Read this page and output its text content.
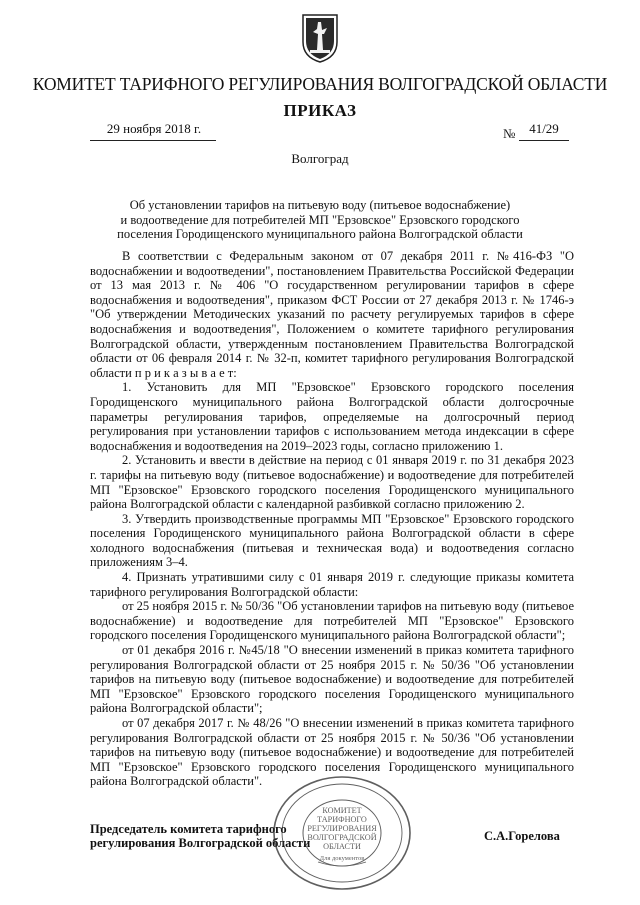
КОМИТЕТ ТАРИФНОГО РЕГУЛИРОВАНИЯ ВОЛГОГРАДСКОЙ ОБЛАСТИ
ПРИКАЗ
29 ноября 2018 г.	№	41/29
Волгоград
Об установлении тарифов на питьевую воду (питьевое водоснабжение)
и водоотведение для потребителей МП "Ерзовское" Ерзовского городского
поселения Городищенского муниципального района Волгоградской области

В соответствии с Федеральным законом от 07 декабря 2011 г. №416-ФЗ "О водоснабжении и водоотведении", постановлением Правительства Российской Федерации от 13 мая 2013 г. № 406 "О государственном регулировании тарифов в сфере водоснабжения и водоотведения", приказом ФСТ России от 27 декабря 2013 г. № 1746-э "Об утверждении Методических указаний по расчету регулируемых тарифов в сфере водоснабжения и водоотведения", Положением о комитете тарифного регулирования Волгоградской области, утвержденным постановлением Правительства Волгоградской области от 06 февраля 2014 г. № 32-п, комитет тарифного регулирования Волгоградской области п р и к а з ы в а е т:

1. Установить для МП "Ерзовское" Ерзовского городского поселения Городищенского муниципального района Волгоградской области долгосрочные параметры регулирования тарифов, определяемые на долгосрочный период регулирования при установлении тарифов с использованием метода индексации в сфере водоснабжения и водоотведения на 2019–2023 годы, согласно приложению 1.

2. Установить и ввести в действие на период с 01 января 2019 г. по 31 декабря 2023 г. тарифы на питьевую воду (питьевое водоснабжение) и водоотведение для потребителей МП "Ерзовское" Ерзовского городского поселения Городищенского муниципального района Волгоградской области с календарной разбивкой согласно приложению 2.

3. Утвердить производственные программы МП "Ерзовское" Ерзовского городского поселения Городищенского муниципального района Волгоградской области в сфере холодного водоснабжения (питьевая и техническая вода) и водоотведения согласно приложениям 3–4.

4. Признать утратившими силу с 01 января 2019 г. следующие приказы комитета тарифного регулирования Волгоградской области:

от 25 ноября 2015 г. № 50/36 "Об установлении тарифов на питьевую воду (питьевое водоснабжение) и водоотведение для потребителей МП "Ерзовское" Ерзовского городского поселения Городищенского муниципального района Волгоградской области";

от 01 декабря 2016 г. №45/18 "О внесении изменений в приказ комитета тарифного регулирования Волгоградской области от 25 ноября 2015 г. № 50/36 "Об установлении тарифов на питьевую воду (питьевое водоснабжение) и водоотведение для потребителей МП "Ерзовское" Ерзовского городского поселения Городищенского муниципального района Волгоградской области";

от 07 декабря 2017 г. № 48/26 "О внесении изменений в приказ комитета тарифного регулирования Волгоградской области от 25 ноября 2015 г. № 50/36 "Об установлении тарифов на питьевую воду (питьевое водоснабжение) и водоотведение для потребителей МП "Ерзовское" Ерзовского городского поселения Городищенского муниципального района Волгоградской области".

Председатель комитета тарифного
регулирования Волгоградской области	С.А.Горелова
КОМИТЕТ
ТАРИФНОГО
РЕГУЛИРОВАНИЯ
ВОЛГОГРАДСКОЙ
ОБЛАСТИ
Для документов
